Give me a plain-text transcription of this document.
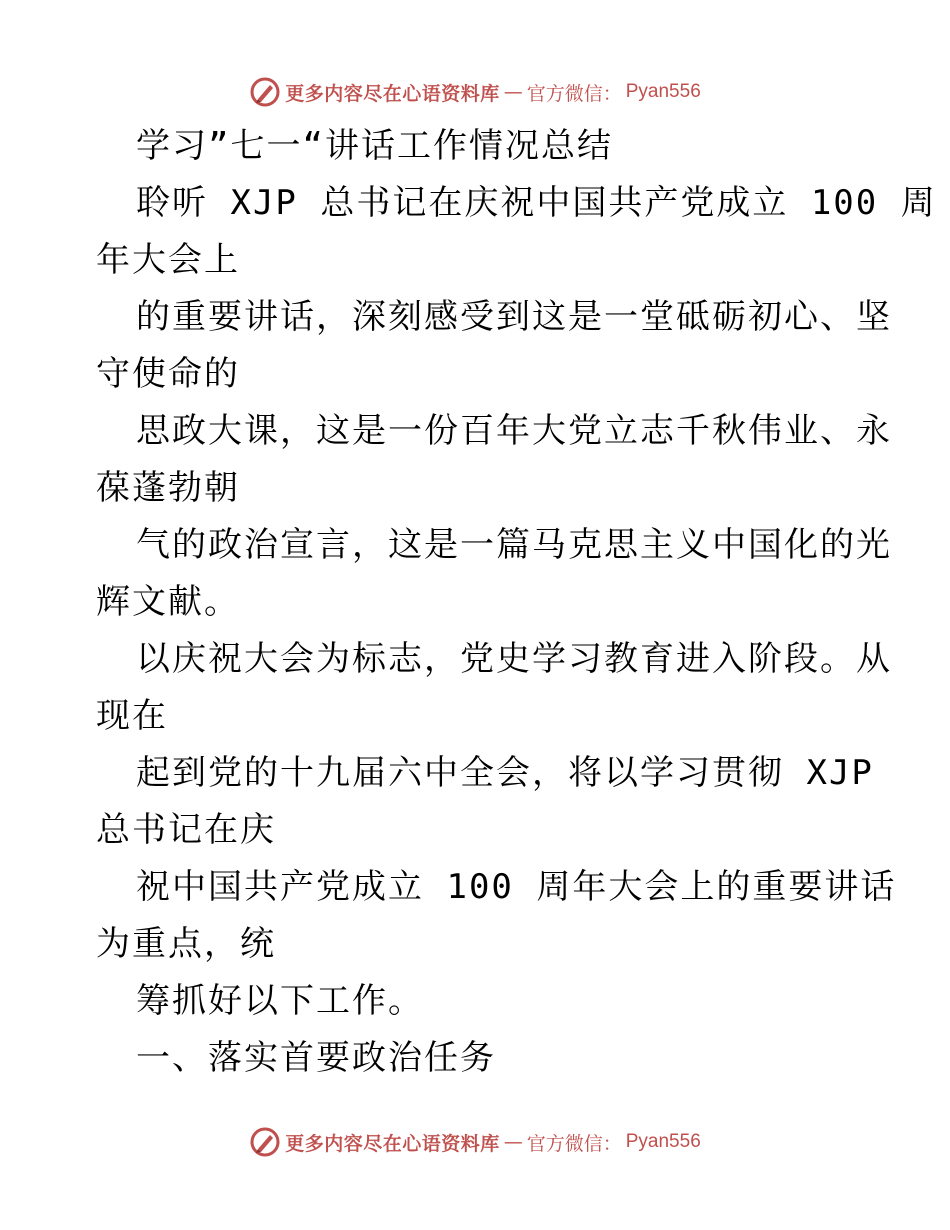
更多内容尽在心语资料库 — 官方微信： Pyan556
学习”七一“讲话工作情况总结
聆听 XJP 总书记在庆祝中国共产党成立 100 周
年大会上
的重要讲话，深刻感受到这是一堂砥砺初心、坚
守使命的
思政大课，这是一份百年大党立志千秋伟业、永
葆蓬勃朝
气的政治宣言，这是一篇马克思主义中国化的光
辉文献。
以庆祝大会为标志，党史学习教育进入阶段。从
现在
起到党的十九届六中全会，将以学习贯彻 XJP
总书记在庆
祝中国共产党成立 100 周年大会上的重要讲话
为重点，统
筹抓好以下工作。
一、落实首要政治任务
更多内容尽在心语资料库 — 官方微信： Pyan556
